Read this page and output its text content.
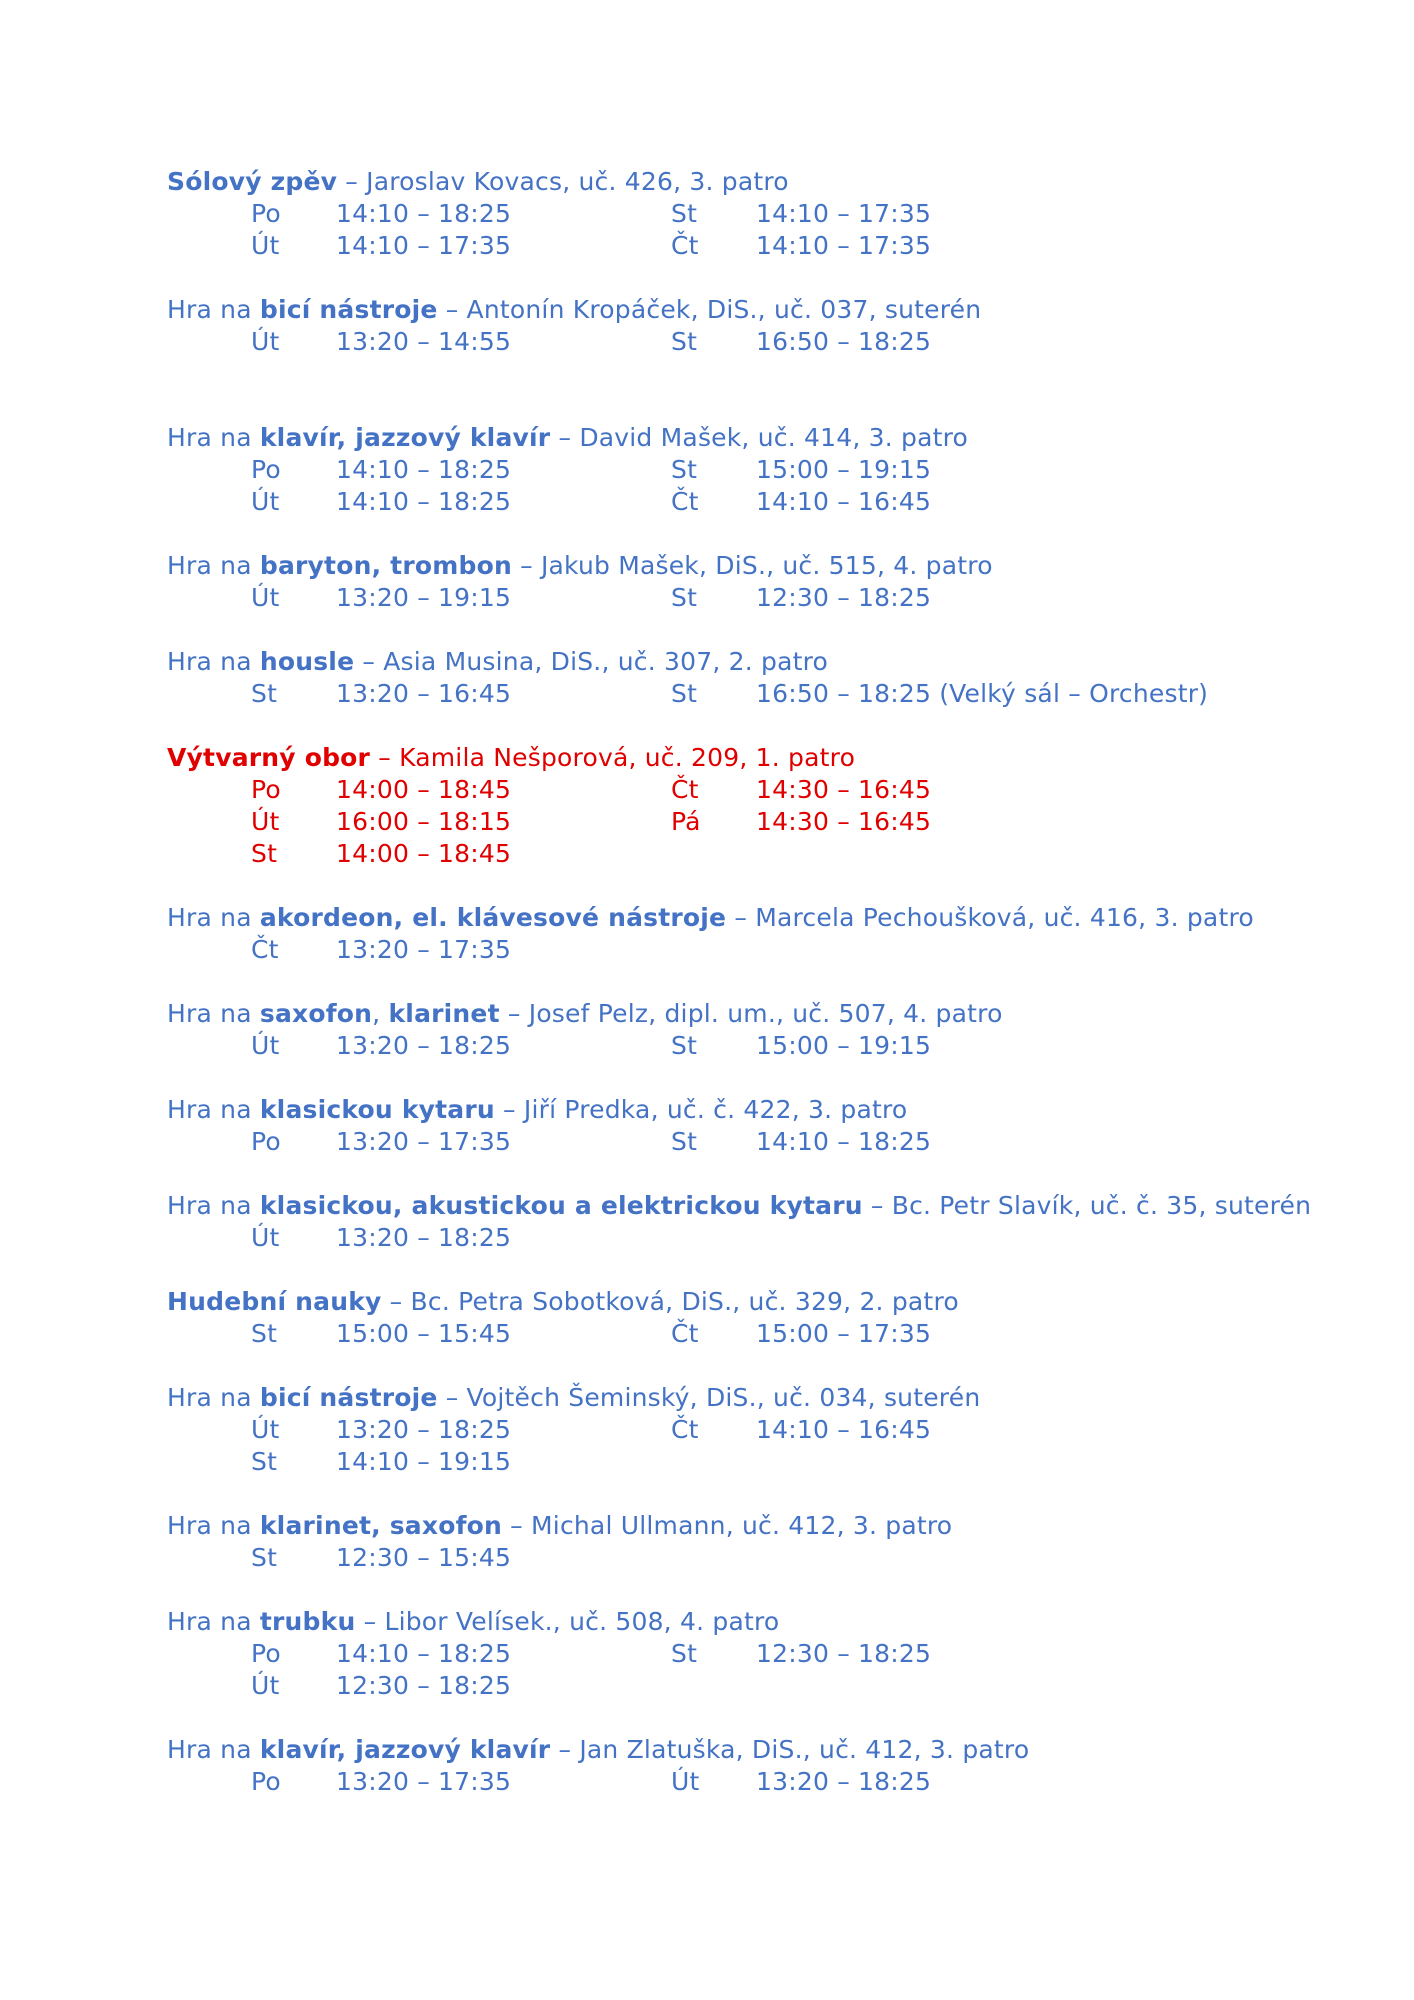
Sólový zpěv – Jaroslav Kovacs, uč. 426, 3. patro
Po	14:10 – 18:25	St	14:10 – 17:35
Út	14:10 – 17:35	Čt	14:10 – 17:35
Hra na bicí nástroje – Antonín Kropáček, DiS., uč. 037, suterén
Út	13:20 – 14:55	St	16:50 – 18:25
Hra na klavír, jazzový klavír – David Mašek, uč. 414, 3. patro
Po	14:10 – 18:25	St	15:00 – 19:15
Út	14:10 – 18:25	Čt	14:10 – 16:45
Hra na baryton, trombon – Jakub Mašek, DiS., uč. 515, 4. patro
Út	13:20 – 19:15	St	12:30 – 18:25
Hra na housle – Asia Musina, DiS., uč. 307, 2. patro
St	13:20 – 16:45	St	16:50 – 18:25 (Velký sál – Orchestr)
Výtvarný obor – Kamila Nešporová, uč. 209, 1. patro
Po	14:00 – 18:45	Čt	14:30 – 16:45
Út	16:00 – 18:15	Pá	14:30 – 16:45
St	14:00 – 18:45
Hra na akordeon, el. klávesové nástroje – Marcela Pechoušková, uč. 416, 3. patro
Čt	13:20 – 17:35
Hra na saxofon, klarinet – Josef Pelz, dipl. um., uč. 507, 4. patro
Út	13:20 – 18:25	St	15:00 – 19:15
Hra na klasickou kytaru – Jiří Predka, uč. č. 422, 3. patro
Po	13:20 – 17:35	St	14:10 – 18:25
Hra na klasickou, akustickou a elektrickou kytaru – Bc. Petr Slavík, uč. č. 35, suterén
Út	13:20 – 18:25
Hudební nauky – Bc. Petra Sobotková, DiS., uč. 329, 2. patro
St	15:00 – 15:45	Čt	15:00 – 17:35
Hra na bicí nástroje – Vojtěch Šeminský, DiS., uč. 034, suterén
Út	13:20 – 18:25	Čt	14:10 – 16:45
St	14:10 – 19:15
Hra na klarinet, saxofon – Michal Ullmann, uč. 412, 3. patro
St	12:30 – 15:45
Hra na trubku – Libor Velísek., uč. 508, 4. patro
Po	14:10 – 18:25	St	12:30 – 18:25
Út	12:30 – 18:25
Hra na klavír, jazzový klavír – Jan Zlatuška, DiS., uč. 412, 3. patro
Po	13:20 – 17:35	Út	13:20 – 18:25
